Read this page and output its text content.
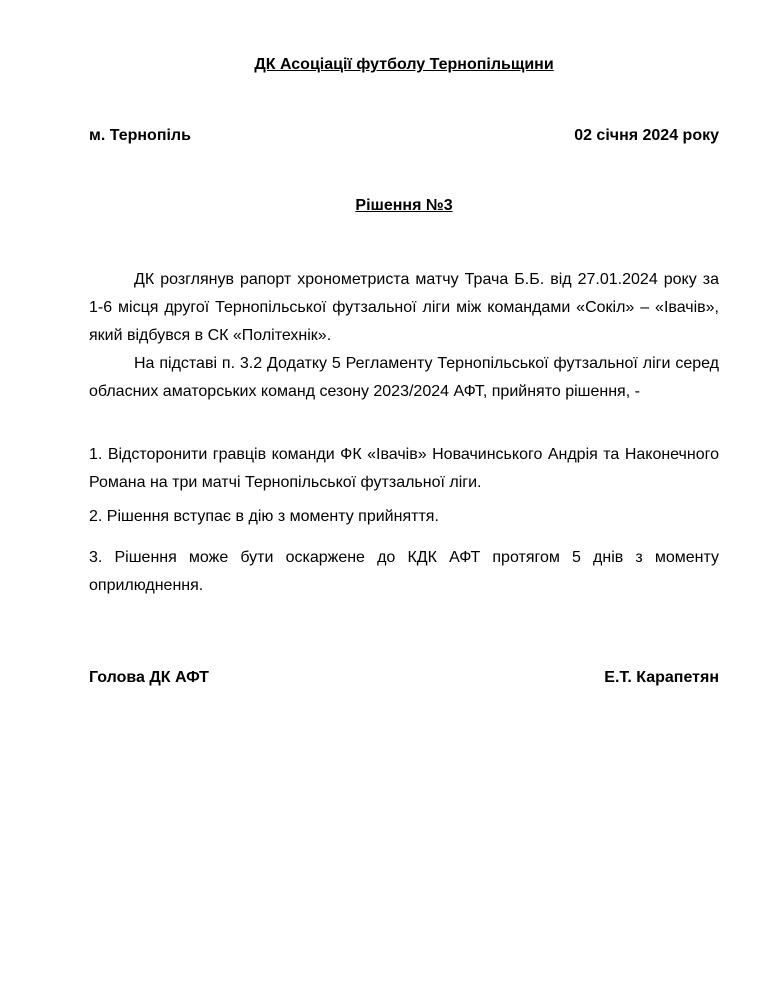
ДК Асоціації футболу Тернопільщини
м. Тернопіль	02 січня 2024 року
Рішення №3

ДК розглянув рапорт хронометриста матчу Трача Б.Б. від 27.01.2024 року за 1-6 місця другої Тернопільської футзальної ліги між командами «Сокіл» – «Івачів», який відбувся в СК «Політехнік».

На підставі п. 3.2 Додатку 5 Регламенту Тернопільської футзальної ліги серед обласних аматорських команд сезону 2023/2024 АФТ, прийнято рішення, -

1. Відсторонити гравців команди ФК «Івачів» Новачинського Андрія та Наконечного Романа на три матчі Тернопільської футзальної ліги.

2. Рішення вступає в дію з моменту прийняття.

3. Рішення може бути оскаржене до КДК АФТ протягом 5 днів з моменту оприлюднення.

Голова ДК АФТ	Е.Т. Карапетян
